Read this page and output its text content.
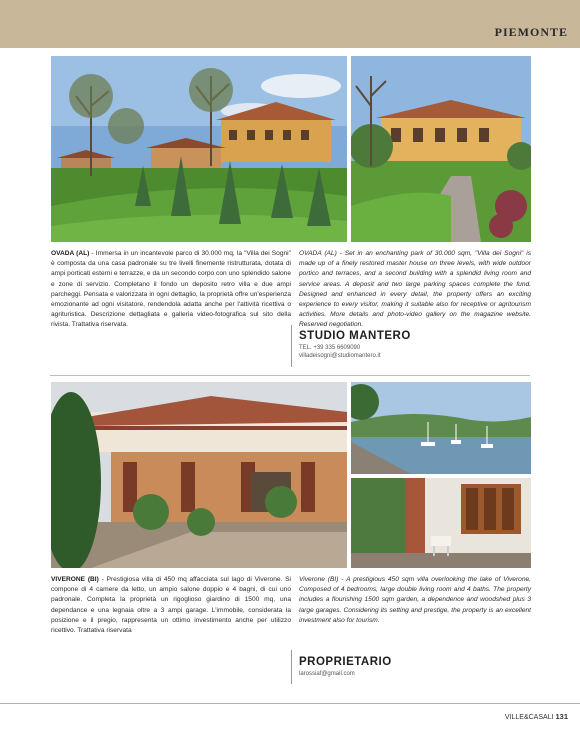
PIEMONTE
OVADA (AL) - Immersa in un incantevole parco di 30.000 mq, la "Villa dei Sogni" è composta da una casa padronale su tre livelli finemente ristrutturata, dotata di ampi porticati esterni e terrazze, e da un secondo corpo con uno splendido salone e zone di servizio. Completano il fondo un deposito retro villa e due ampi parcheggi. Pensata e valorizzata in ogni dettaglio, la proprietà offre un'esperienza emozionante ad ogni visitatore, rendendola adatta anche per l'attività ricettiva o agrituristica. Descrizione dettagliata e galleria video-fotografica sul sito della rivista. Trattativa riservata.
OVADA (AL) - Set in an enchanting park of 30.000 sqm, "Villa dei Sogni" is made up of a finely restored master house on three levels, with wide outdoor portico and terraces, and a second building with a splendid living room and service areas. A deposit and two large parking spaces complete the fund. Designed and enhanced in every detail, the property offers an exciting experience to every visitor, making it suitable also for receptive or agritourism activities. More details and photo-video gallery on the magazine website. Reserved negotiation.
STUDIO MANTERO
TEL. +39 335 6609090
villadeisogni@studiomantero.it
VIVERONE (BI) - Prestigiosa villa di 450 mq affacciata sul lago di Viverone. Si compone di 4 camere da letto, un ampio salone doppio e 4 bagni, di cui uno padronale. Completa la proprietà un rigoglioso giardino di 1500 mq, una dependance e una legnaia oltre a 3 ampi garage. L'immobile, considerata la posizione e il pregio, rappresenta un ottimo investimento anche per utilizzo ricettivo. Trattativa riservata
Viverone (BI) - A prestigious 450 sqm villa overlooking the lake of Viverone. Composed of 4 bedrooms, large double living room and 4 baths. The property includes a flourishing 1500 sqm garden, a dependence and woodshed plus 3 large garages. Considering its setting and prestige, the property is an excellent investment also for tourism.
PROPRIETARIO
larossiaf@gmail.com
VILLE&CASALI 131
